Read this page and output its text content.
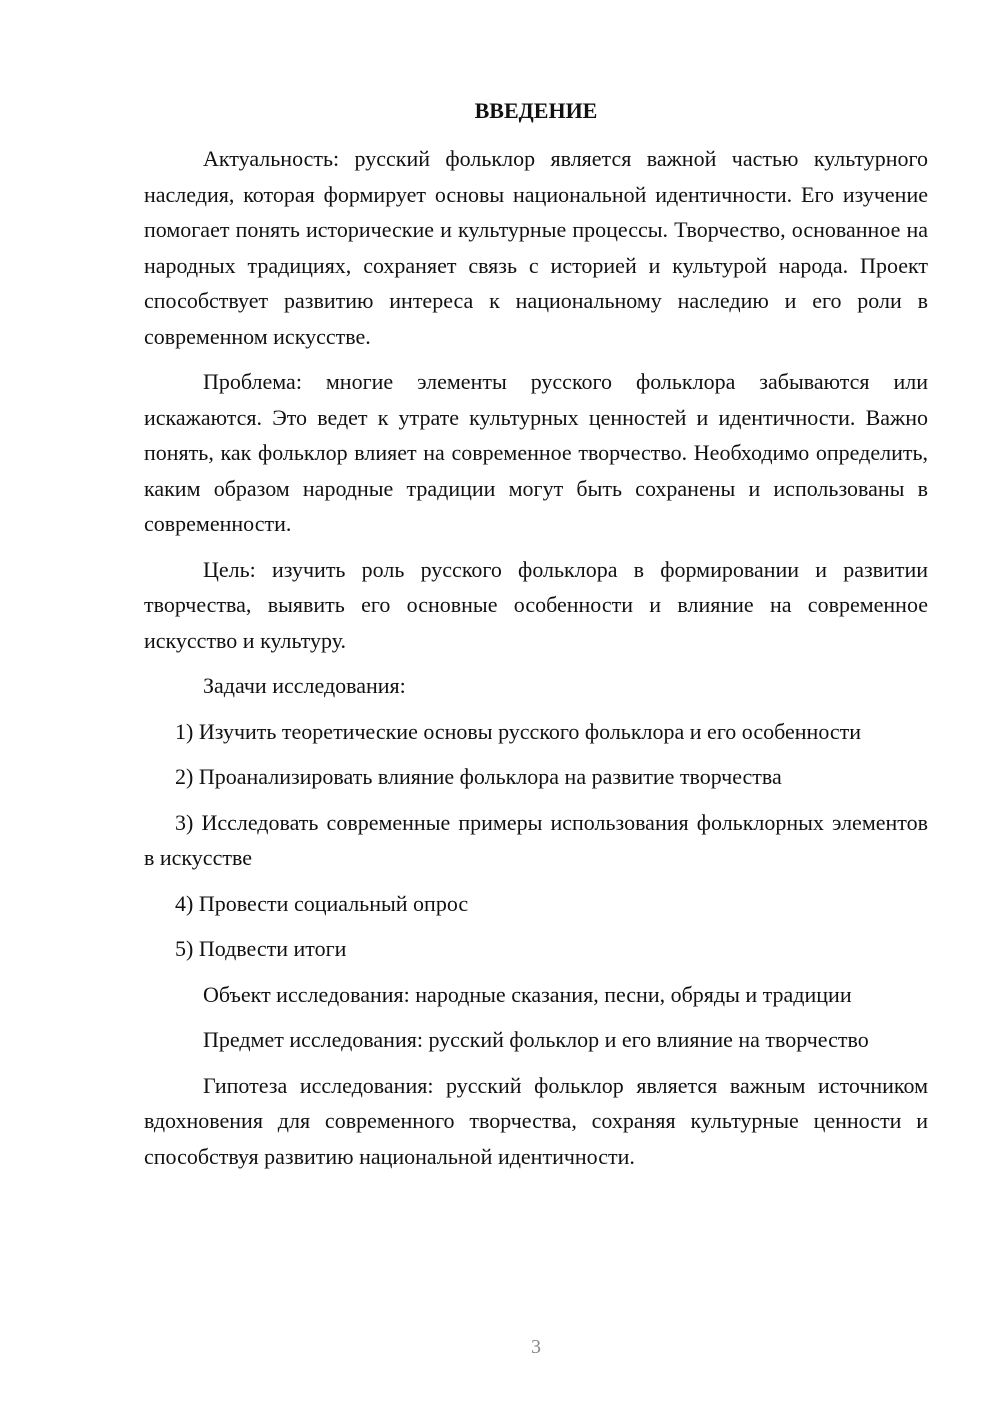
ВВЕДЕНИЕ

Актуальность: русский фольклор является важной частью культурного наследия, которая формирует основы национальной идентичности. Его изучение помогает понять исторические и культурные процессы. Творчество, основанное на народных традициях, сохраняет связь с историей и культурой народа. Проект способствует развитию интереса к национальному наследию и его роли в современном искусстве.

Проблема: многие элементы русского фольклора забываются или искажаются. Это ведет к утрате культурных ценностей и идентичности. Важно понять, как фольклор влияет на современное творчество. Необходимо определить, каким образом народные традиции могут быть сохранены и использованы в современности.

Цель: изучить роль русского фольклора в формировании и развитии творчества, выявить его основные особенности и влияние на современное искусство и культуру.

Задачи исследования:

1) Изучить теоретические основы русского фольклора и его особенности

2) Проанализировать влияние фольклора на развитие творчества

3) Исследовать современные примеры использования фольклорных элементов в искусстве

4) Провести социальный опрос

5) Подвести итоги

Объект исследования: народные сказания, песни, обряды и традиции

Предмет исследования: русский фольклор и его влияние на творчество

Гипотеза исследования: русский фольклор является важным источником вдохновения для современного творчества, сохраняя культурные ценности и способствуя развитию национальной идентичности.

3
